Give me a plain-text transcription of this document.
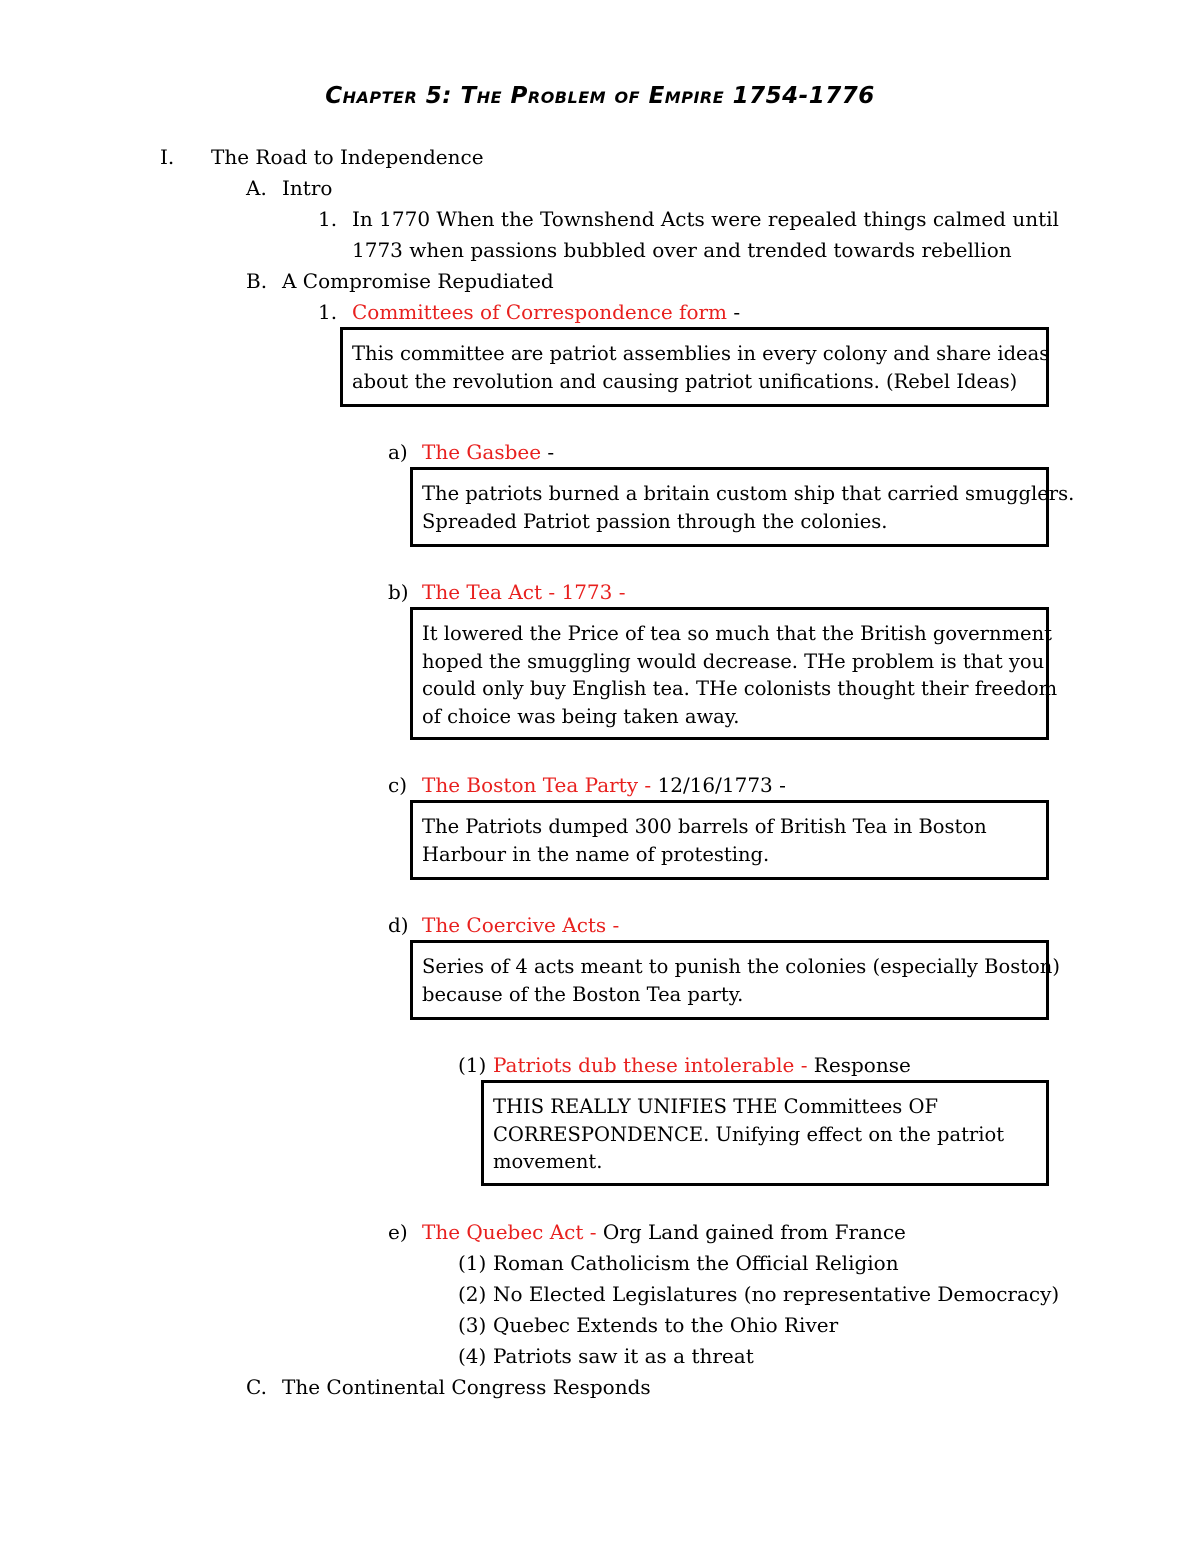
Chapter 5: The Problem of Empire 1754-1776
I. The Road to Independence
A. Intro
1. In 1770 When the Townshend Acts were repealed things calmed until
1773 when passions bubbled over and trended towards rebellion
B. A Compromise Repudiated
1. Committees of Correspondence form -
This committee are patriot assemblies in every colony and share ideas
about the revolution and causing patriot unifications. (Rebel Ideas)
a) The Gasbee -
The patriots burned a britain custom ship that carried smugglers.
Spreaded Patriot passion through the colonies.
b) The Tea Act - 1773 -
It lowered the Price of tea so much that the British government
hoped the smuggling would decrease. THe problem is that you
could only buy English tea. THe colonists thought their freedom
of choice was being taken away.
c) The Boston Tea Party - 12/16/1773 -
The Patriots dumped 300 barrels of British Tea in Boston
Harbour in the name of protesting.
d) The Coercive Acts -
Series of 4 acts meant to punish the colonies (especially Boston)
because of the Boston Tea party.
(1) Patriots dub these intolerable - Response
THIS REALLY UNIFIES THE Committees OF
CORRESPONDENCE. Unifying effect on the patriot
movement.
e) The Quebec Act - Org Land gained from France
(1) Roman Catholicism the Official Religion
(2) No Elected Legislatures (no representative Democracy)
(3) Quebec Extends to the Ohio River
(4) Patriots saw it as a threat
C. The Continental Congress Responds
